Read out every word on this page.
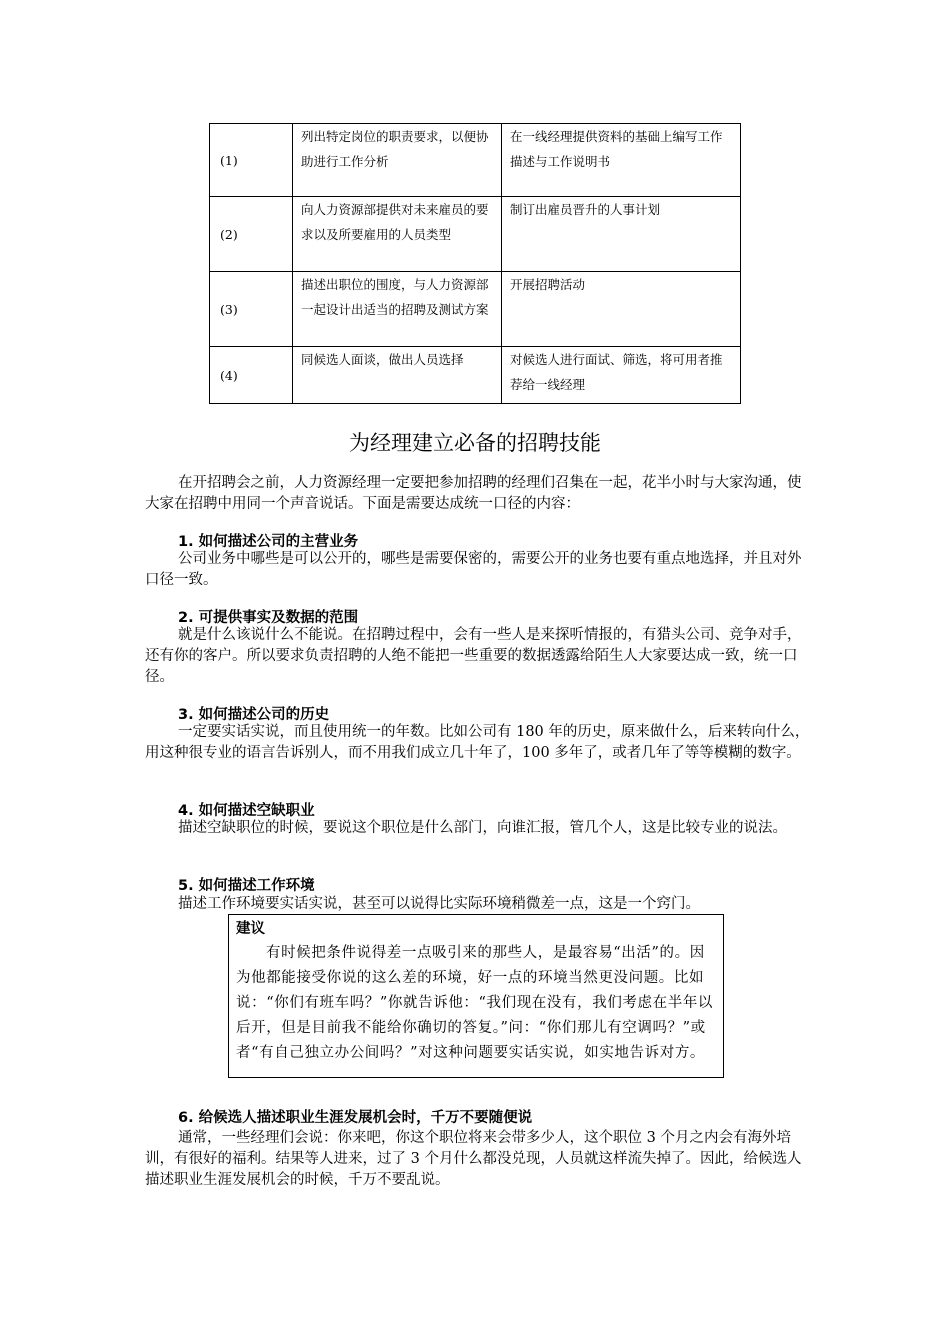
(1)	列出特定岗位的职责要求，以便协助进行工作分析	在一线经理提供资料的基础上编写工作描述与工作说明书
(2)	向人力资源部提供对未来雇员的要求以及所要雇用的人员类型	制订出雇员晋升的人事计划
(3)	描述出职位的围度，与人力资源部一起设计出适当的招聘及测试方案	开展招聘活动
(4)	同候选人面谈，做出人员选择	对候选人进行面试、筛选，将可用者推荐给一线经理
为经理建立必备的招聘技能

在开招聘会之前，人力资源经理一定要把参加招聘的经理们召集在一起，花半小时与大家沟通，使大家在招聘中用同一个声音说话。下面是需要达成统一口径的内容：

1. 如何描述公司的主营业务

公司业务中哪些是可以公开的，哪些是需要保密的，需要公开的业务也要有重点地选择，并且对外口径一致。

2. 可提供事实及数据的范围

就是什么该说什么不能说。在招聘过程中，会有一些人是来探听情报的，有猎头公司、竞争对手，还有你的客户。所以要求负责招聘的人绝不能把一些重要的数据透露给陌生人大家要达成一致，统一口径。

3. 如何描述公司的历史

一定要实话实说，而且使用统一的年数。比如公司有 180 年的历史，原来做什么，后来转向什么，用这种很专业的语言告诉别人，而不用我们成立几十年了，100 多年了，或者几年了等等模糊的数字。

4. 如何描述空缺职业

描述空缺职位的时候，要说这个职位是什么部门，向谁汇报，管几个人，这是比较专业的说法。

5. 如何描述工作环境

描述工作环境要实话实说，甚至可以说得比实际环境稍微差一点，这是一个窍门。

建议
有时候把条件说得差一点吸引来的那些人，是最容易“出活”的。因为他都能接受你说的这么差的环境，好一点的环境当然更没问题。比如说：“你们有班车吗？”你就告诉他：“我们现在没有，我们考虑在半年以后开，但是目前我不能给你确切的答复。”问：“你们那儿有空调吗？”或者“有自己独立办公间吗？”对这种问题要实话实说，如实地告诉对方。

6. 给候选人描述职业生涯发展机会时，千万不要随便说

通常，一些经理们会说：你来吧，你这个职位将来会带多少人，这个职位 3 个月之内会有海外培训，有很好的福利。结果等人进来，过了 3 个月什么都没兑现，人员就这样流失掉了。因此，给候选人描述职业生涯发展机会的时候，千万不要乱说。
